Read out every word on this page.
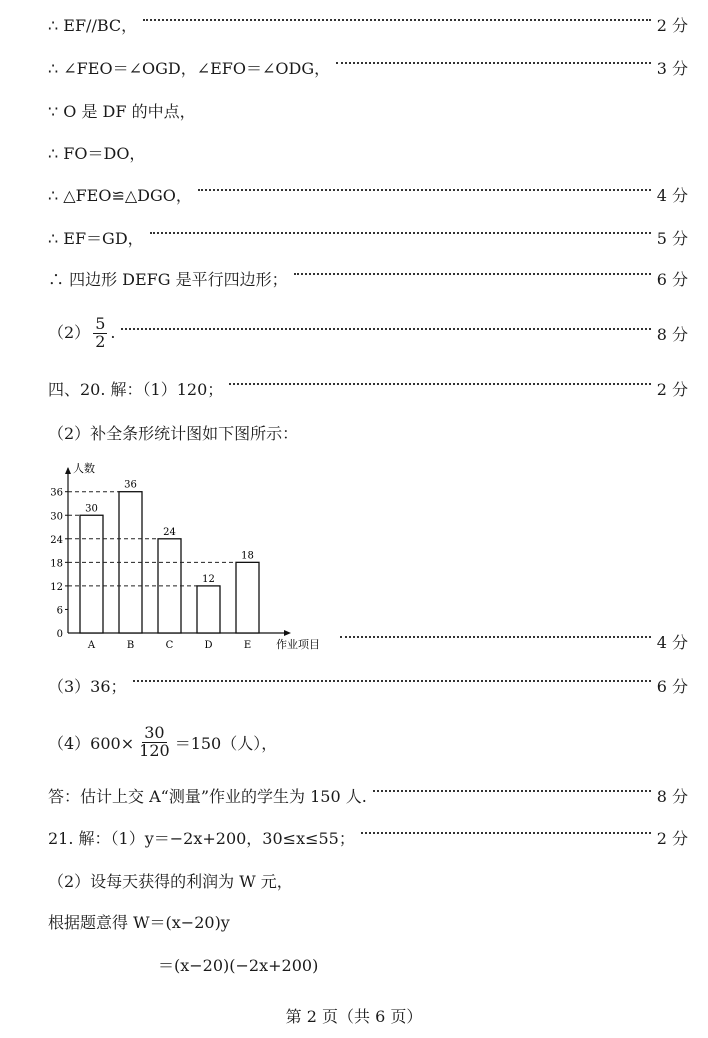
∴ EF//BC，	2 分
∴ ∠FEO＝∠OGD，∠EFO＝∠ODG，	3 分
∵ O 是 DF 的中点，
∴ FO＝DO，
∴ △FEO≌△DGO，	4 分
∴ EF＝GD，	5 分
∴ 四边形 DEFG 是平行四边形；	6 分
$(2) \frac{5}{2}$ .	8 分
四、20. 解：（1）120；	2 分
（2）补全条形统计图如下图所示：
人数
作业项目
0
6
12
18
24
30
36
30
A
36
B
24
C
12
D
18
E	4 分
（3）36；	6 分
$(4)600\times \frac{30}{120} =150$（人），
答：估计上交 A“测量”作业的学生为 150 人.	8 分
21. 解：（1）y＝−2x+200，30≤x≤55；	2 分
（2）设每天获得的利润为 W 元，
根据题意得 W＝(x−20)y
＝(x−20)(−2x+200)
第 2 页（共 6 页）
